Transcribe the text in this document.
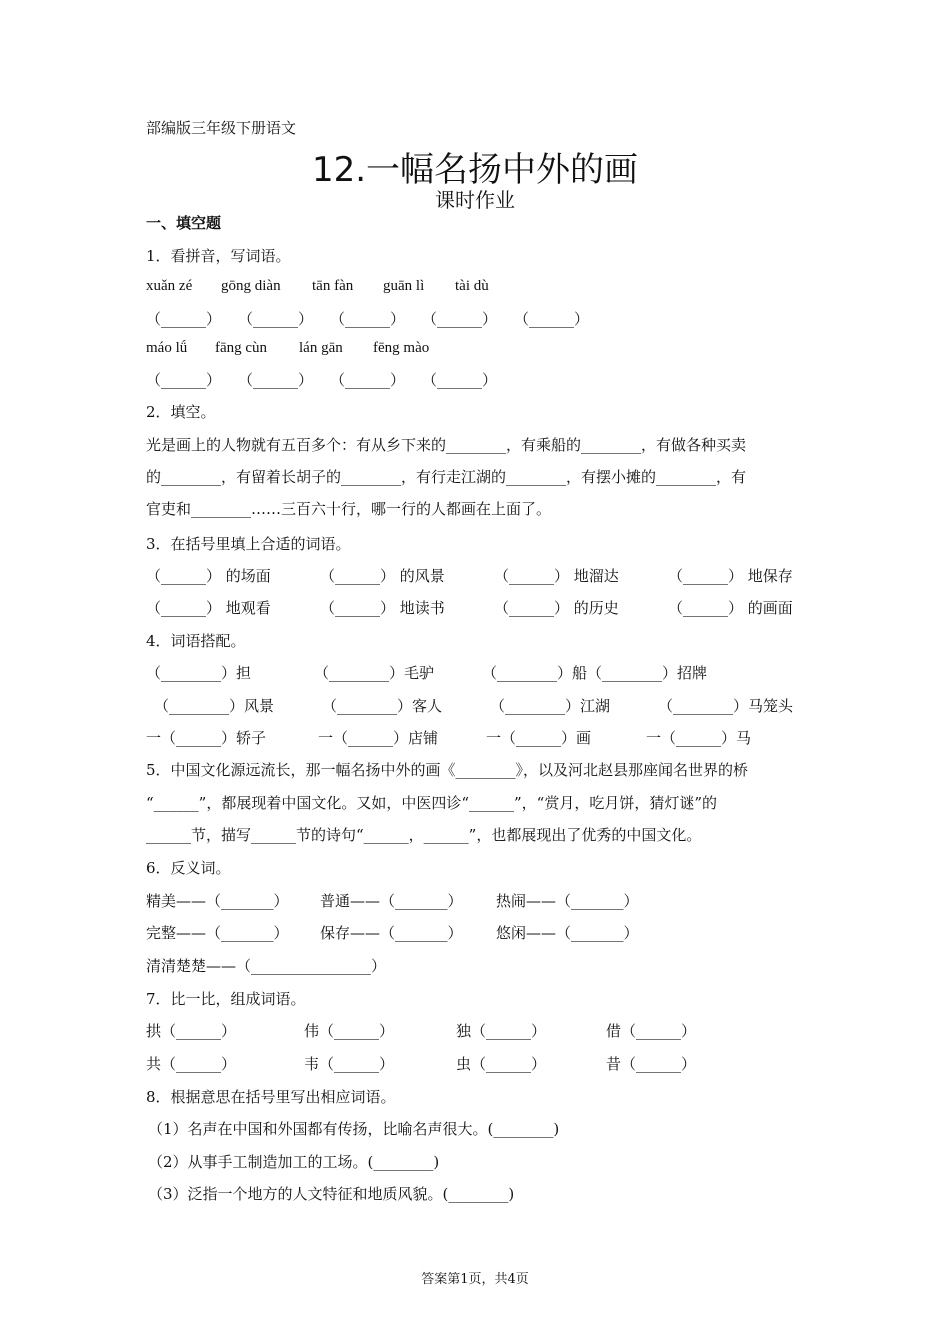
部编版三年级下册语文
12.一幅名扬中外的画
课时作业
一、填空题
1．看拼音，写词语。
xuǎn zé gōng diàn tān fàn guān lì tài dù
（______） （______） （______） （______） （______）
máo lǘ fāng cùn lán gān fēng mào
（______） （______） （______） （______）
2．填空。
光是画上的人物就有五百多个：有从乡下来的________，有乘船的________，有做各种买卖
的________，有留着长胡子的________，有行走江湖的________，有摆小摊的________，有
官吏和________……三百六十行，哪一行的人都画在上面了。
3．在括号里填上合适的词语。
（______） 的场面	（______） 的风景	（______） 地溜达	（______） 地保存
（______） 地观看	（______） 地读书	（______） 的历史	（______） 的画面
4．词语搭配。
（________）担	（________）毛驴	（________）船（________）招牌
（________）风景	（________）客人	（________）江湖	（________）马笼头
一（______）轿子	一（______）店铺	一（______）画	一（______）马
5．中国文化源远流长，那一幅名扬中外的画《________》，以及河北赵县那座闻名世界的桥
“______”，都展现着中国文化。又如，中医四诊“______”，“赏月，吃月饼，猜灯谜”的
______节，描写______节的诗句“______，______”，也都展现出了优秀的中国文化。
6．反义词。
精美——（_______） 普通——（_______） 热闹——（_______）
完整——（_______） 保存——（_______） 悠闲——（_______）
清清楚楚——（________________）
7．比一比，组成词语。
拱（______）	伟（______）	独（______）	借（______）
共（______）	韦（______）	虫（______）	昔（______）
8．根据意思在括号里写出相应词语。
（1）名声在中国和外国都有传扬，比喻名声很大。(________)
（2）从事手工制造加工的工场。(________)
（3）泛指一个地方的人文特征和地质风貌。(________)
答案第1页，共4页
